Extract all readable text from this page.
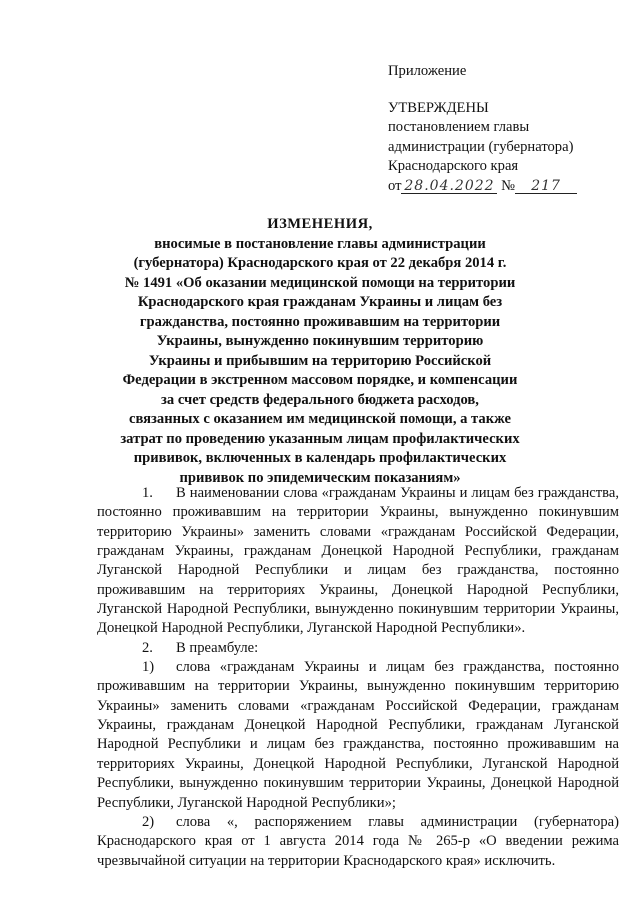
Приложение
УТВЕРЖДЕНЫ
постановлением главы
администрации (губернатора)
Краснодарского края
от 28.04.2022 № 217
ИЗМЕНЕНИЯ,
вносимые в постановление главы администрации
(губернатора) Краснодарского края от 22 декабря 2014 г.
№ 1491 «Об оказании медицинской помощи на территории
Краснодарского края гражданам Украины и лицам без
гражданства, постоянно проживавшим на территории
Украины, вынужденно покинувшим территорию
Украины и прибывшим на территорию Российской
Федерации в экстренном массовом порядке, и компенсации
за счет средств федерального бюджета расходов,
связанных с оказанием им медицинской помощи, а также
затрат по проведению указанным лицам профилактических
прививок, включенных в календарь профилактических
прививок по эпидемическим показаниям»

1. В наименовании слова «гражданам Украины и лицам без гражданства, постоянно проживавшим на территории Украины, вынужденно покинувшим территорию Украины» заменить словами «гражданам Российской Федерации, гражданам Украины, гражданам Донецкой Народной Республики, гражданам Луганской Народной Республики и лицам без гражданства, постоянно проживавшим на территориях Украины, Донецкой Народной Республики, Луганской Народной Республики, вынужденно покинувшим территории Украины, Донецкой Народной Республики, Луганской Народной Республики».

2. В преамбуле:

1) слова «гражданам Украины и лицам без гражданства, постоянно проживавшим на территории Украины, вынужденно покинувшим территорию Украины» заменить словами «гражданам Российской Федерации, гражданам Украины, гражданам Донецкой Народной Республики, гражданам Луганской Народной Республики и лицам без гражданства, постоянно проживавшим на территориях Украины, Донецкой Народной Республики, Луганской Народной Республики, вынужденно покинувшим территории Украины, Донецкой Народной Республики, Луганской Народной Республики»;

2) слова «, распоряжением главы администрации (губернатора) Краснодарского края от 1 августа 2014 года № 265-р «О введении режима чрезвычайной ситуации на территории Краснодарского края» исключить.
